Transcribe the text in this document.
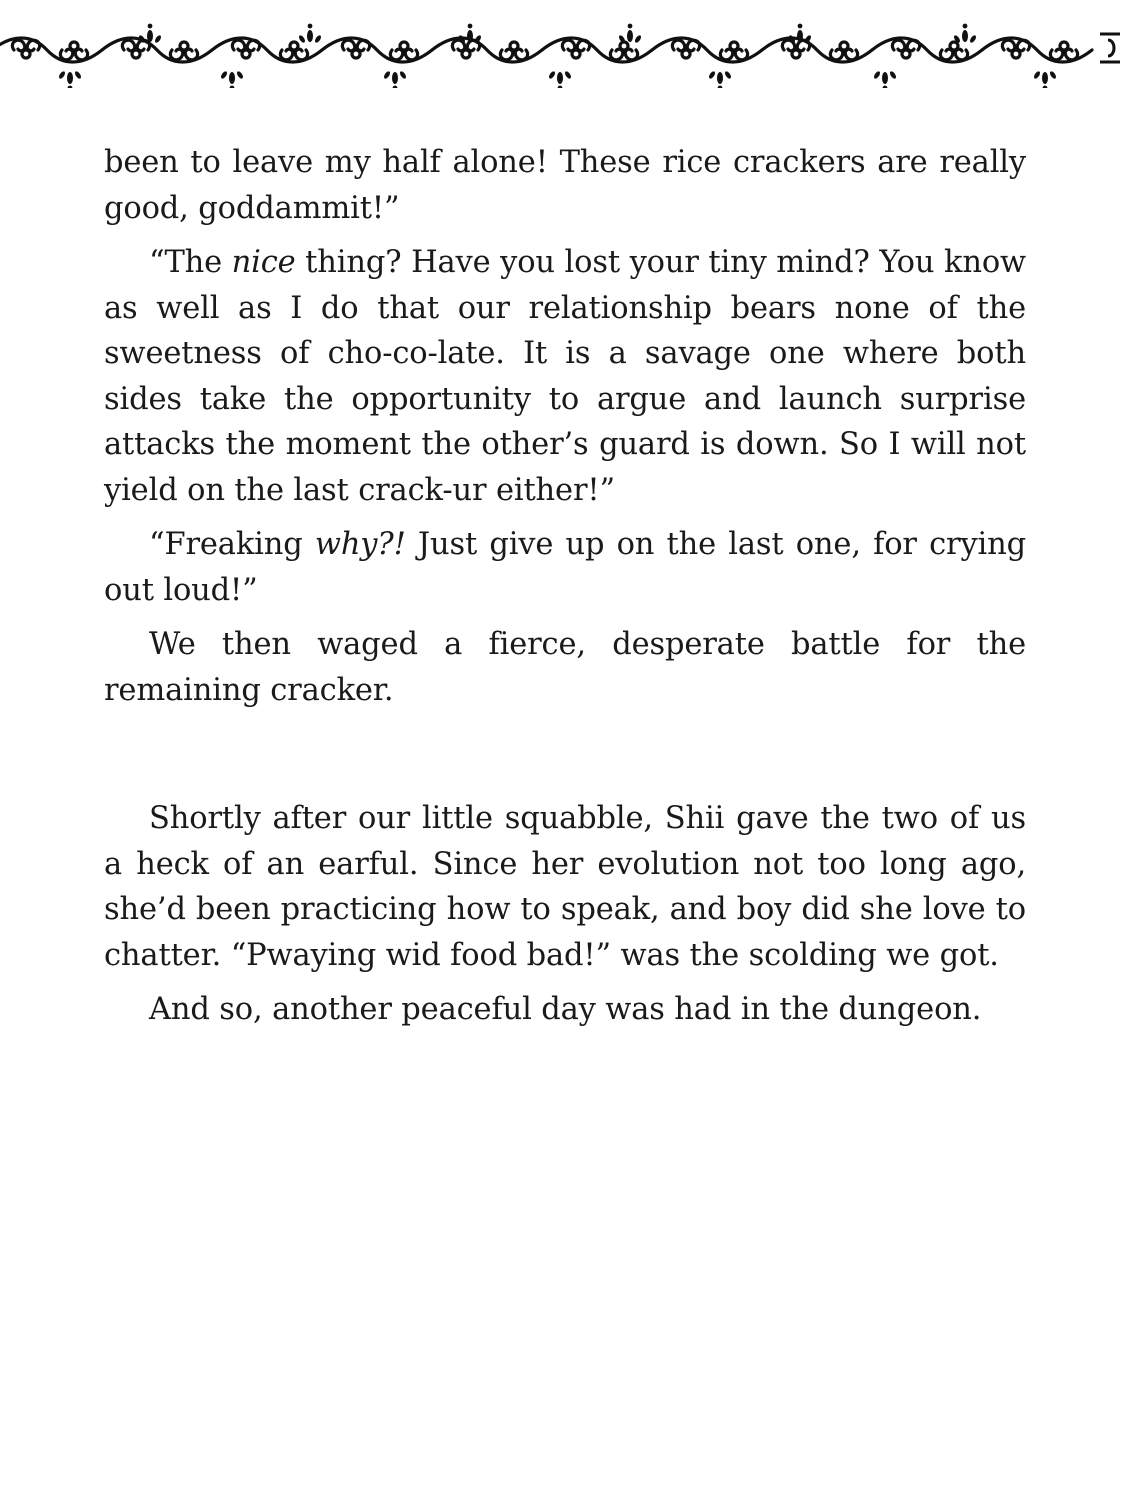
been to leave my half alone! These rice crackers are really good, goddammit!”

“The nice thing? Have you lost your tiny mind? You know as well as I do that our relationship bears none of the sweetness of cho-co-late. It is a savage one where both sides take the opportunity to argue and launch surprise attacks the moment the other’s guard is down. So I will not yield on the last crack-ur either!”

“Freaking why?! Just give up on the last one, for crying out loud!”

We then waged a fierce, desperate battle for the remaining cracker.

Shortly after our little squabble, Shii gave the two of us a heck of an earful. Since her evolution not too long ago, she’d been practicing how to speak, and boy did she love to chatter. “Pwaying wid food bad!” was the scolding we got.

And so, another peaceful day was had in the dungeon.
